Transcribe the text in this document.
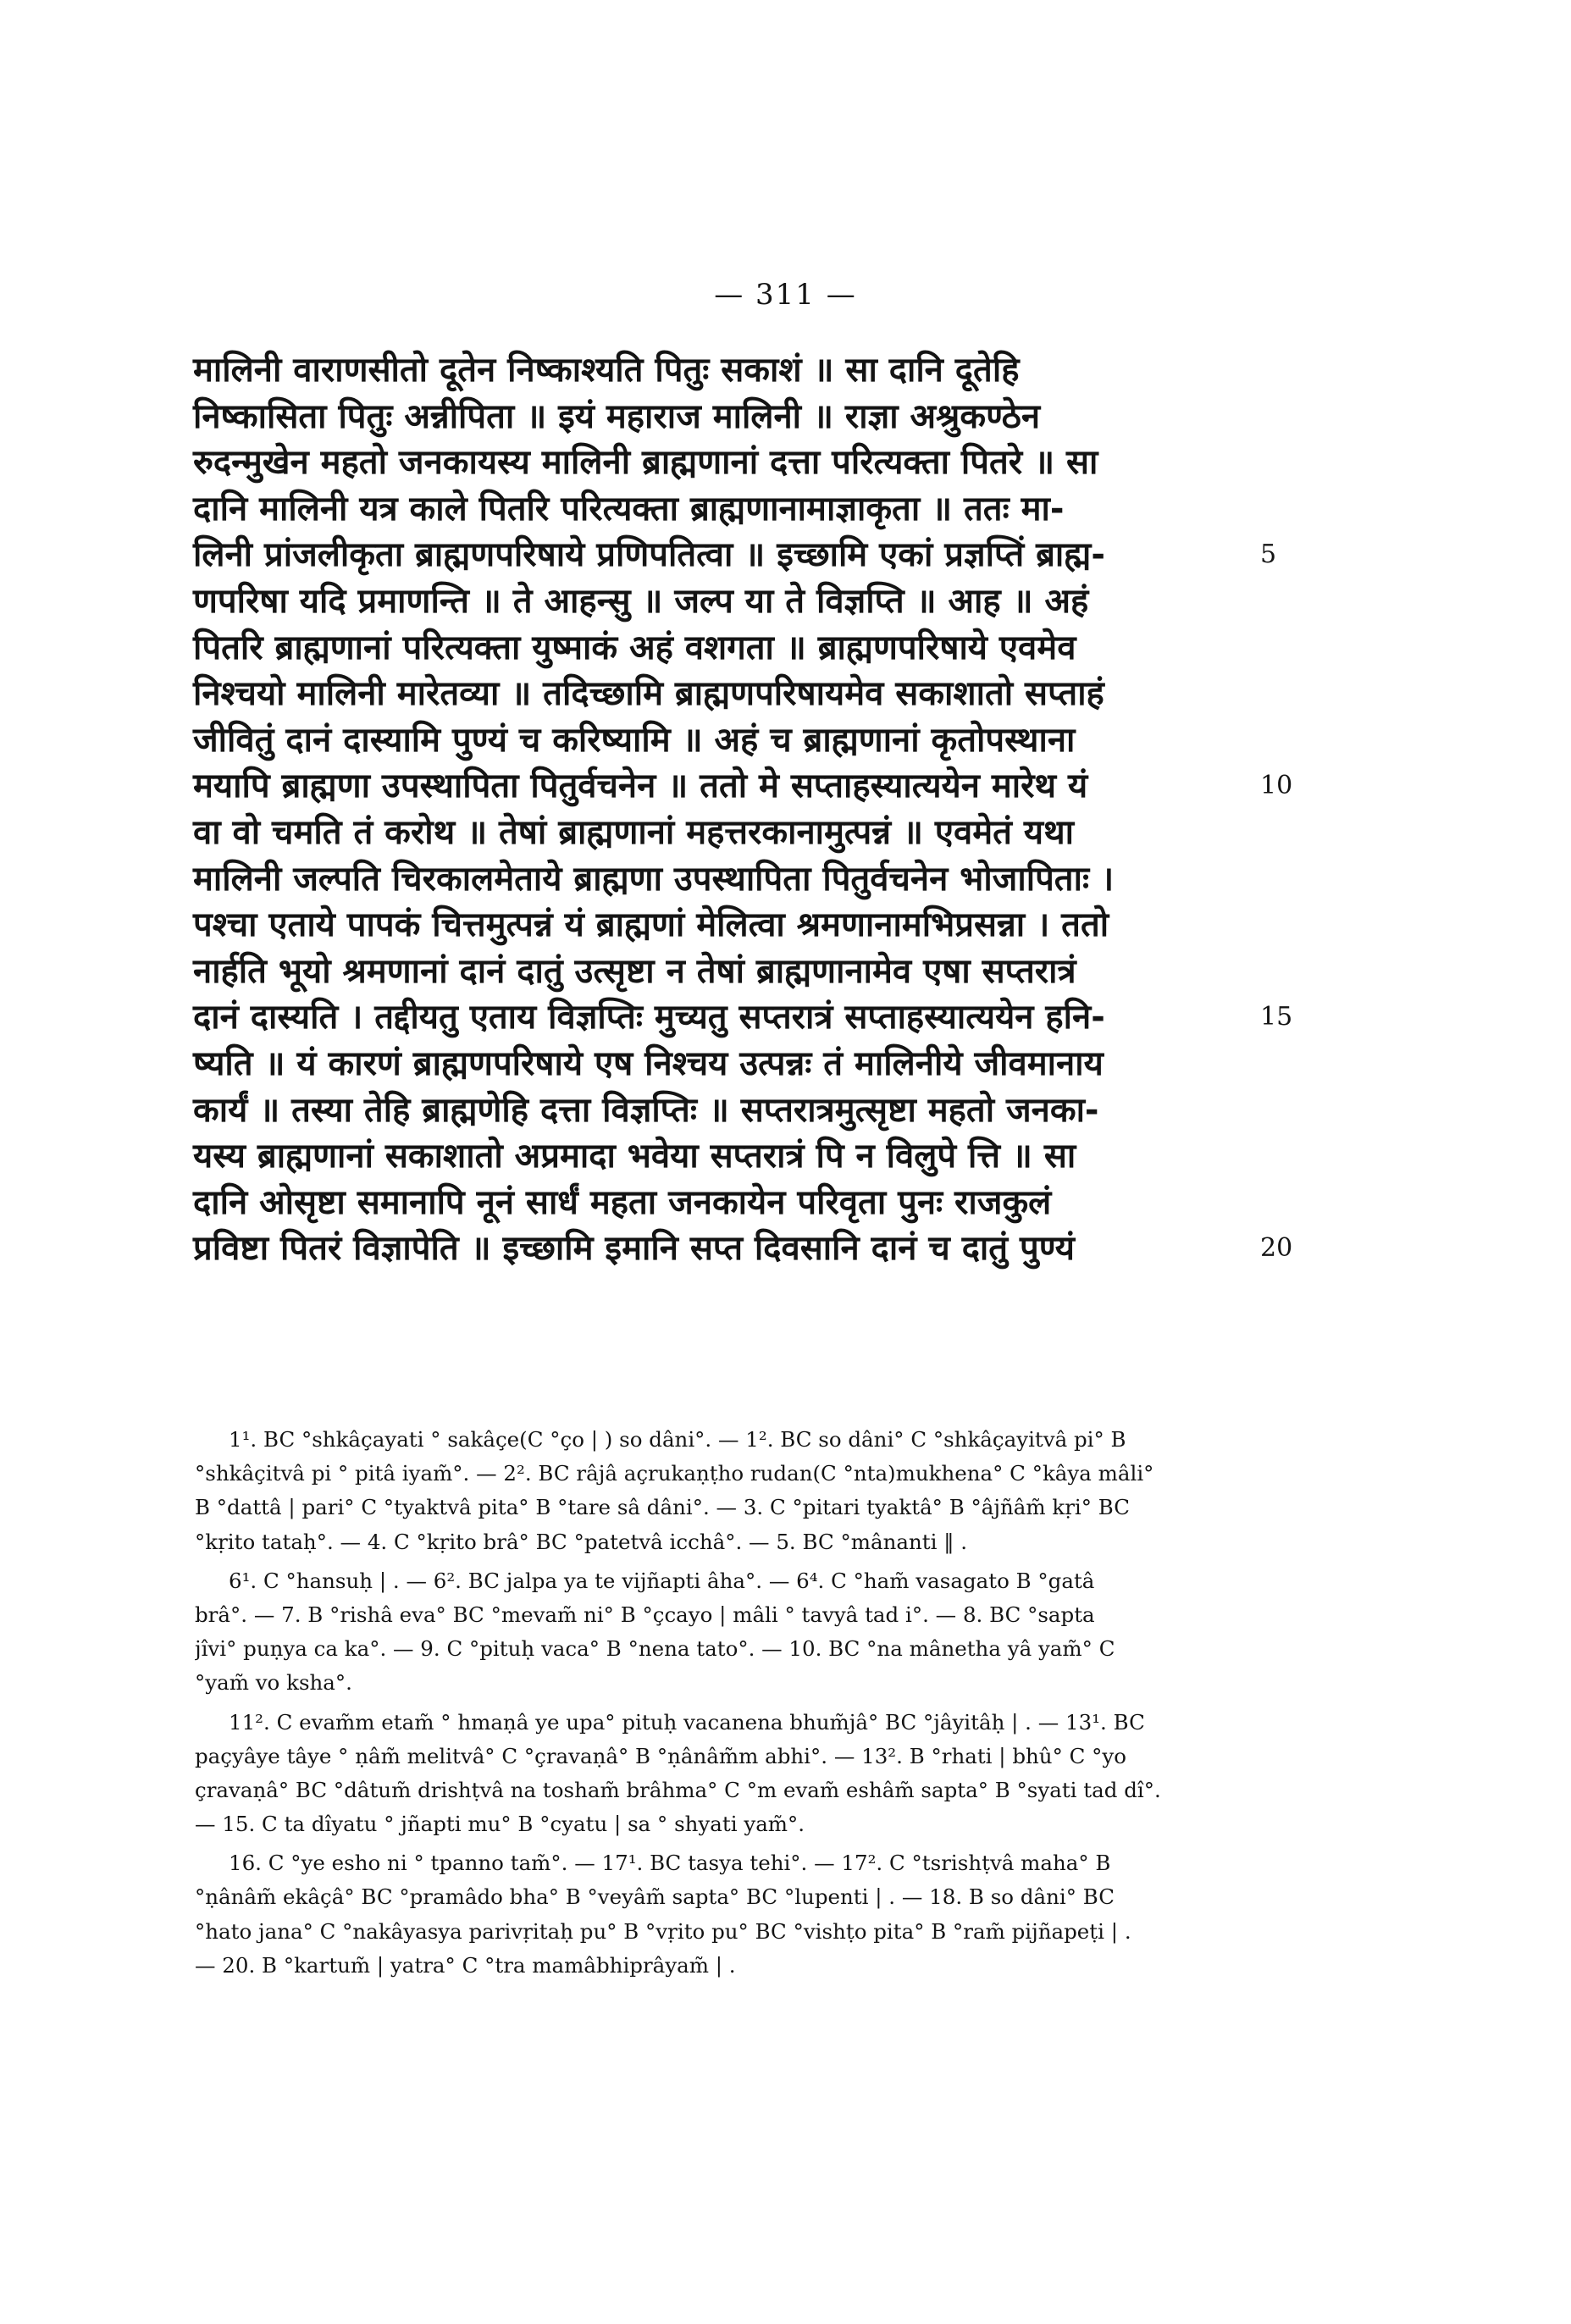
— 311 —
मालिनी वाराणसीतो दूतेन निष्काश्यति पितुः सकाशं ॥ सा दानि दूतेहि
निष्कासिता पितुः अन्नीपिता ॥ इयं महाराज मालिनी ॥ राज्ञा अश्रुकण्ठेन
रुदन्मुखेन महतो जनकायस्य मालिनी ब्राह्मणानां दत्ता परित्यक्ता पितरे ॥ सा
दानि मालिनी यत्र काले पितरि परित्यक्ता ब्राह्मणानामाज्ञाकृता ॥ ततः मा-
लिनी प्रांजलीकृता ब्राह्मणपरिषाये प्रणिपतित्वा ॥ इच्छामि एकां प्रज्ञप्तिं ब्राह्म-	5
णपरिषा यदि प्रमाणन्ति ॥ ते आहन्सु ॥ जल्प या ते विज्ञप्ति ॥ आह ॥ अहं
पितरि ब्राह्मणानां परित्यक्ता युष्माकं अहं वशगता ॥ ब्राह्मणपरिषाये एवमेव
निश्चयो मालिनी मारेतव्या ॥ तदिच्छामि ब्राह्मणपरिषायमेव सकाशातो सप्ताहं
जीवितुं दानं दास्यामि पुण्यं च करिष्यामि ॥ अहं च ब्राह्मणानां कृतोपस्थाना
मयापि ब्राह्मणा उपस्थापिता पितुर्वचनेन ॥ ततो मे सप्ताहस्यात्ययेन मारेथ यं	10
वा वो चमति तं करोथ ॥ तेषां ब्राह्मणानां महत्तरकानामुत्पन्नं ॥ एवमेतं यथा
मालिनी जल्पति चिरकालमेताये ब्राह्मणा उपस्थापिता पितुर्वचनेन भोजापिताः ।
पश्चा एताये पापकं चित्तमुत्पन्नं यं ब्राह्मणां मेलित्वा श्रमणानामभिप्रसन्ना । ततो
नार्हति भूयो श्रमणानां दानं दातुं उत्सृष्टा न तेषां ब्राह्मणानामेव एषा सप्तरात्रं
दानं दास्यति । तद्दीयतु एताय विज्ञप्तिः मुच्यतु सप्तरात्रं सप्ताहस्यात्ययेन हनि-	15
ष्यति ॥ यं कारणं ब्राह्मणपरिषाये एष निश्चय उत्पन्नः तं मालिनीये जीवमानाय
कार्यं ॥ तस्या तेहि ब्राह्मणेहि दत्ता विज्ञप्तिः ॥ सप्तरात्रमुत्सृष्टा महतो जनका-
यस्य ब्राह्मणानां सकाशातो अप्रमादा भवेया सप्तरात्रं पि न विलुपे त्ति ॥ सा
दानि ओसृष्टा समानापि नूनं सार्धं महता जनकायेन परिवृता पुनः राजकुलं
प्रविष्टा पितरं विज्ञापेति ॥ इच्छामि इमानि सप्त दिवसानि दानं च दातुं पुण्यं	20
1¹. BC °shkâçayati ° sakâçe(C °ço | ) so dâni°. — 1². BC so dâni° C °shkâçayitvâ pi° B
°shkâçitvâ pi ° pitâ iyam̃°. — 2². BC râjâ açrukaṇṭho rudan(C °nta)mukhena° C °kâya mâli°
B °dattâ | pari° C °tyaktvâ pita° B °tare sâ dâni°. — 3. C °pitari tyaktâ° B °âjñâm̃ kṛi° BC
°kṛito tataḥ°. — 4. C °kṛito brâ° BC °patetvâ icchâ°. — 5. BC °mânanti ‖ .
6¹. C °hansuḥ | . — 6². BC jalpa ya te vijñapti âha°. — 6⁴. C °ham̃ vasagato B °gatâ
brâ°. — 7. B °rishâ eva° BC °mevam̃ ni° B °çcayo | mâli ° tavyâ tad i°. — 8. BC °sapta
jîvi° puṇya ca ka°. — 9. C °pituḥ vaca° B °nena tato°. — 10. BC °na mânetha yâ yam̃° C
°yam̃ vo ksha°.
11². C evam̃m etam̃ ° hmaṇâ ye upa° pituḥ vacanena bhum̃jâ° BC °jâyitâḥ | . — 13¹. BC
paçyâye tâye ° ṇâm̃ melitvâ° C °çravaṇâ° B °ṇânâm̃m abhi°. — 13². B °rhati | bhû° C °yo
çravaṇâ° BC °dâtum̃ drishṭvâ na tosham̃ brâhma° C °m evam̃ eshâm̃ sapta° B °syati tad dî°.
— 15. C ta dîyatu ° jñapti mu° B °cyatu | sa ° shyati yam̃°.
16. C °ye esho ni ° tpanno tam̃°. — 17¹. BC tasya tehi°. — 17². C °tsrishṭvâ maha° B
°ṇânâm̃ ekâçâ° BC °pramâdo bha° B °veyâm̃ sapta° BC °lupenti | . — 18. B so dâni° BC
°hato jana° C °nakâyasya parivṛitaḥ pu° B °vṛito pu° BC °vishṭo pita° B °ram̃ pijñapeṭi | .
— 20. B °kartum̃ | yatra° C °tra mamâbhiprâyam̃ | .
